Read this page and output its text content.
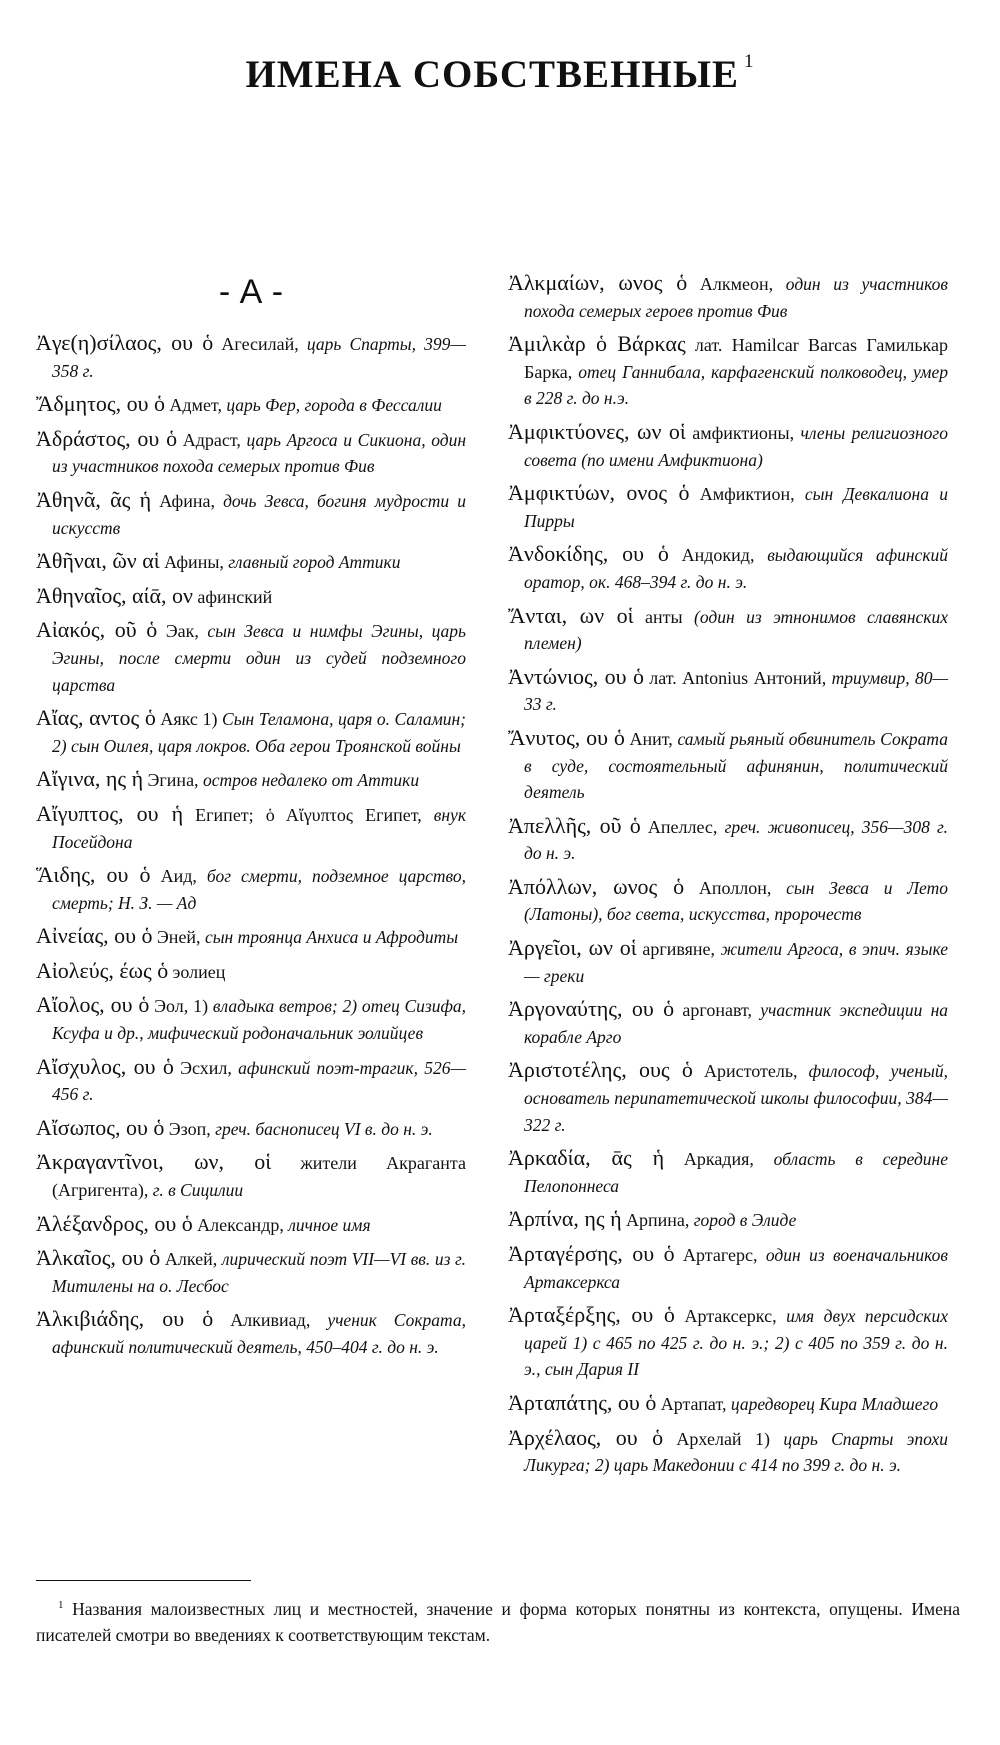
ИМЕНА СОБСТВЕННЫЕ $^1$
- А -
Ἀγε(η)σίλαος, ου ὁ Агесилай, царь Спарты, 399—358 г.
Ἄδμητος, ου ὁ Адмет, царь Фер, города в Фессалии
Ἀδράστος, ου ὁ Адраст, царь Аргоса и Сикиона, один из участников похода семерых против Фив
Ἀθηνᾶ, ᾶς ἡ Афина, дочь Зевса, богиня мудрости и искусств
Ἀθῆναι, ῶν αἱ Афины, главный город Аттики
Ἀθηναῖος, αίᾱ, ον афинский
Αἰακός, οῦ ὁ Эак, сын Зевса и нимфы Эгины, царь Эгины, после смерти один из судей подземного царства
Αἴας, αντος ὁ Аякс 1) Сын Теламона, царя о. Саламин; 2) сын Оилея, царя локров. Оба герои Троянской войны
Αἴγινα, ης ἡ Эгина, остров недалеко от Аттики
Αἴγυπτος, ου ἡ Египет; ὁ Αἴγυπτος Египет, внук Посейдона
Ἅιδης, ου ὁ Аид, бог смерти, подземное царство, смерть; Н. З. — Ад
Αἰνείας, ου ὁ Эней, сын троянца Анхиса и Афродиты
Αἰολεύς, έως ὁ эолиец
Αἴολος, ου ὁ Эол, 1) владыка ветров; 2) отец Сизифа, Ксуфа и др., мифический родоначальник эолийцев
Αἴσχυλος, ου ὁ Эсхил, афинский поэт-трагик, 526—456 г.
Αἴσωπος, ου ὁ Эзоп, греч. баснописец VI в. до н. э.
Ἀκραγαντῖνοι, ων, οἱ жители Акраганта (Агригента), г. в Сицилии
Ἀλέξανδρος, ου ὁ Александр, личное имя
Ἀλκαῖος, ου ὁ Алкей, лирический поэт VII—VI вв. из г. Митилены на о. Лесбос
Ἀλκιβιάδης, ου ὁ Алкивиад, ученик Сократа, афинский политический деятель, 450–404 г. до н. э.
Ἀλκμαίων, ωνος ὁ Алкмеон, один из участников похода семерых героев против Фив
Ἀμιλκὰρ ὁ Βάρκας лат. Hamilcar Barcas Гамилькар Барка, отец Ганнибала, карфагенский полководец, умер в 228 г. до н.э.
Ἀμφικτύονες, ων οἱ амфиктионы, члены религиозного совета (по имени Амфиктиона)
Ἀμφικτύων, ονος ὁ Амфиктион, сын Девкалиона и Пирры
Ἀνδοκίδης, ου ὁ Андокид, выдающийся афинский оратор, ок. 468–394 г. до н. э.
Ἄνται, ων οἱ анты (один из этнонимов славянских племен)
Ἀντώνιος, ου ὁ лат. Antonius Антоний, триумвир, 80—33 г.
Ἄνυτος, ου ὁ Анит, самый рьяный обвинитель Сократа в суде, состоятельный афинянин, политический деятель
Ἀπελλῆς, οῦ ὁ Апеллес, греч. живописец, 356—308 г. до н. э.
Ἀπόλλων, ωνος ὁ Аполлон, сын Зевса и Лето (Латоны), бог света, искусства, пророчеств
Ἀργεῖοι, ων οἱ аргивяне, жители Аргоса, в эпич. языке — греки
Ἀργοναύτης, ου ὁ аргонавт, участник экспедиции на корабле Арго
Ἀριστοτέλης, ους ὁ Аристотель, философ, ученый, основатель перипатетической школы философии, 384—322 г.
Ἀρκαδία, ᾱς ἡ Аркадия, область в середине Пелопоннеса
Ἀρπίνα, ης ἡ Арпина, город в Элиде
Ἀρταγέρσης, ου ὁ Артагерс, один из военачальников Артаксеркса
Ἀρταξέρξης, ου ὁ Артаксеркс, имя двух персидских царей 1) с 465 по 425 г. до н. э.; 2) с 405 по 359 г. до н. э., сын Дария II
Ἀρταπάτης, ου ὁ Артапат, царедворец Кира Младшего
Ἀρχέλαος, ου ὁ Архелай 1) царь Спарты эпохи Ликурга; 2) царь Македонии с 414 по 399 г. до н. э.

$^1$ Названия малоизвестных лиц и местностей, значение и форма которых понятны из контекста, опущены. Имена писателей смотри во введениях к соответствующим текстам.
